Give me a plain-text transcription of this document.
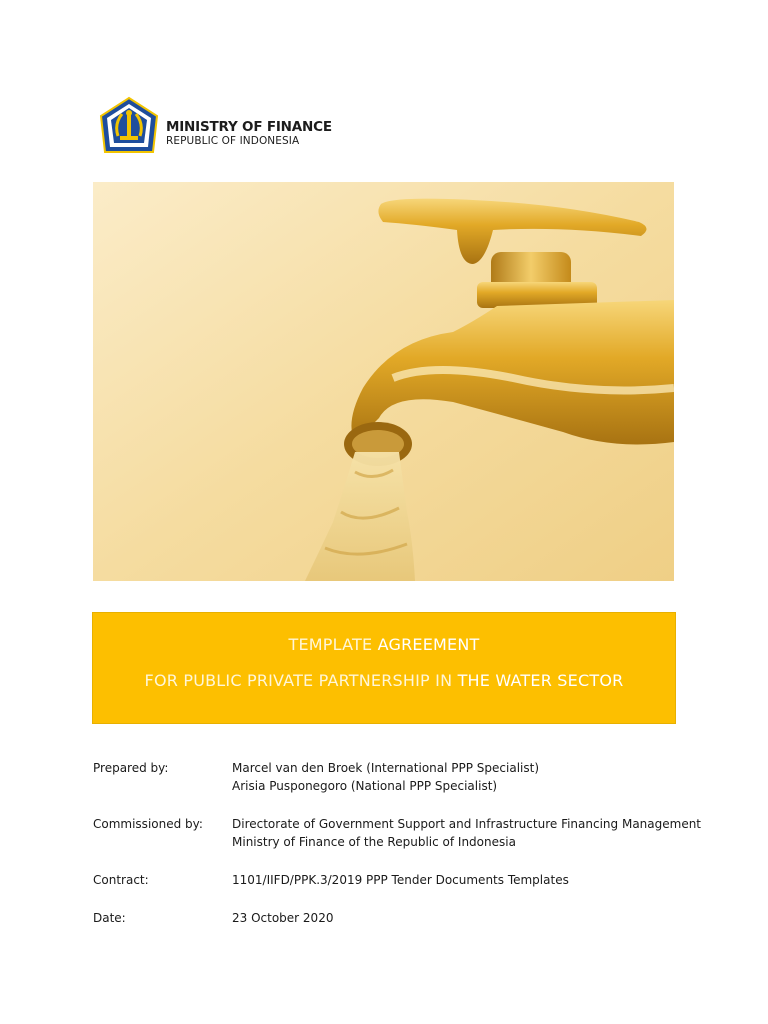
MINISTRY OF FINANCE
REPUBLIC OF INDONESIA
TEMPLATE AGREEMENT
FOR PUBLIC PRIVATE PARTNERSHIP IN THE WATER SECTOR
Prepared by:	Marcel van den Broek (International PPP Specialist)
Arisia Pusponegoro (National PPP Specialist)
Commissioned by: Directorate of Government Support and Infrastructure Financing Management
Ministry of Finance of the Republic of Indonesia
Contract:	1101/IIFD/PPK.3/2019 PPP Tender Documents Templates
Date:	23 October 2020
